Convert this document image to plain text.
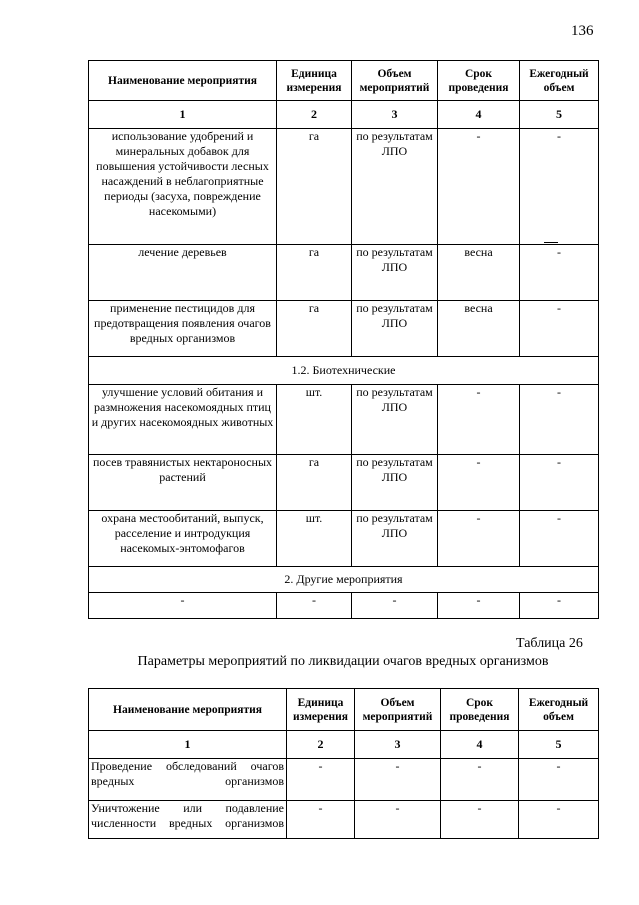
136
Наименование мероприятия	Единица измерения	Объем мероприятий	Срок проведения	Ежегодный объем
1	2	3	4	5
использование удобрений и минеральных добавок для повышения устойчивости лесных насаждений в неблагоприятные периоды (засуха, повреждение насекомыми)	га	по результатам ЛПО	-	-
лечение деревьев	га	по результатам ЛПО	весна	-
применение пестицидов для предотвращения появления очагов вредных организмов	га	по результатам ЛПО	весна	-
1.2. Биотехнические				
улучшение условий обитания и размножения насекомоядных птиц и других насекомоядных животных	шт.	по результатам ЛПО	-	-
посев травянистых нектароносных растений	га	по результатам ЛПО	-	-
охрана местообитаний, выпуск, расселение и интродукция насекомых-энтомофагов	шт.	по результатам ЛПО	-	-
2. Другие мероприятия				
-	-	-	-	-
Таблица 26
Параметры мероприятий по ликвидации очагов вредных организмов
Наименование мероприятия	Единица измерения	Объем мероприятий	Срок проведения	Ежегодный объем
1	2	3	4	5
Проведение обследований очагов вредных организмов	-	-	-	-
Уничтожение или подавление численности вредных организмов	-	-	-	-
